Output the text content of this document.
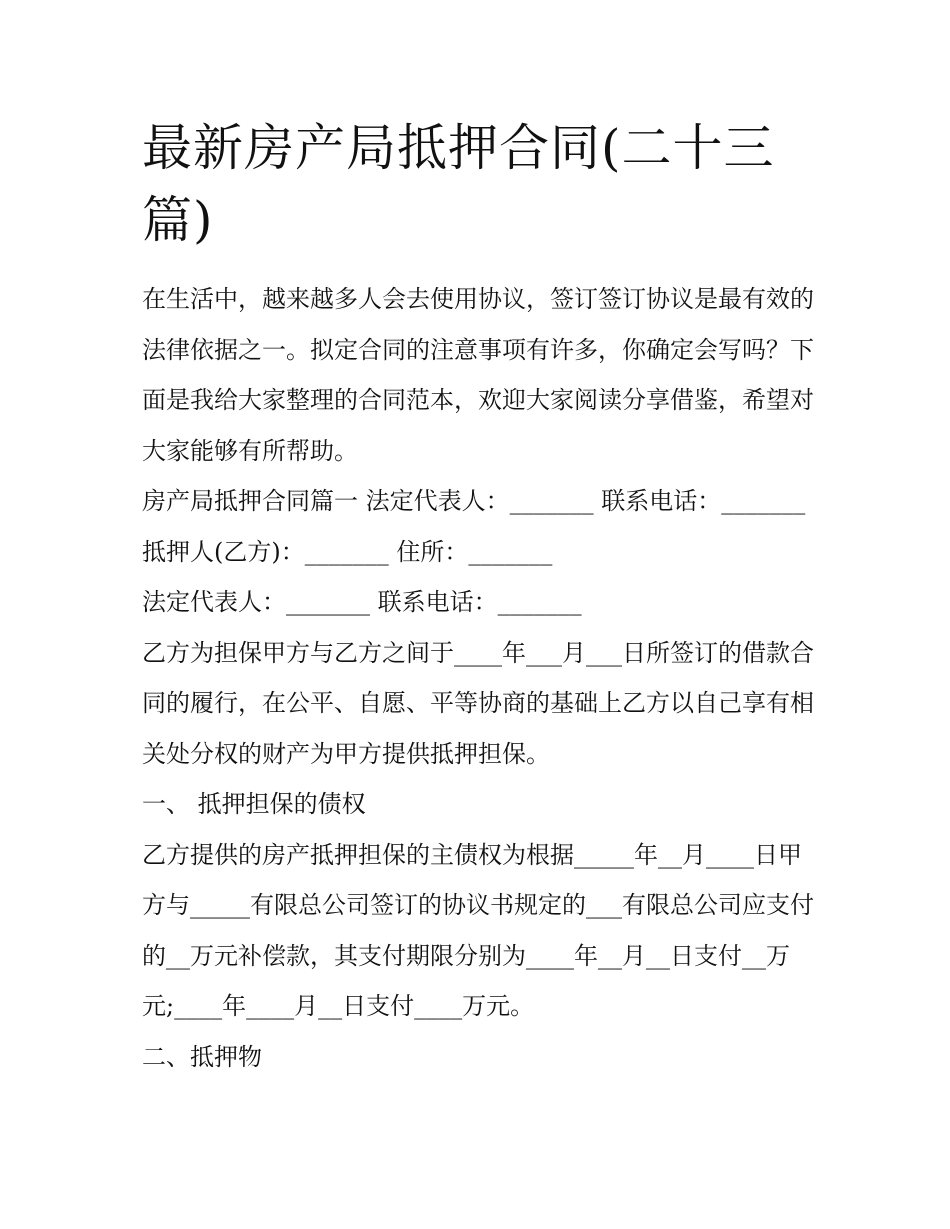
最新房产局抵押合同(二十三篇)

在生活中，越来越多人会去使用协议，签订签订协议是最有效的法律依据之一。拟定合同的注意事项有许多，你确定会写吗？下面是我给大家整理的合同范本，欢迎大家阅读分享借鉴，希望对大家能够有所帮助。

房产局抵押合同篇一 法定代表人：_______ 联系电话：_______ 抵押人(乙方)：_______ 住所：_______

法定代表人：_______ 联系电话：_______

乙方为担保甲方与乙方之间于____年___月___日所签订的借款合同的履行，在公平、自愿、平等协商的基础上乙方以自己享有相关处分权的财产为甲方提供抵押担保。

一、 抵押担保的债权

乙方提供的房产抵押担保的主债权为根据_____年__月____日甲方与_____有限总公司签订的协议书规定的___有限总公司应支付的__万元补偿款，其支付期限分别为____年__月__日支付__万元;____年____月__日支付____万元。

二、抵押物
